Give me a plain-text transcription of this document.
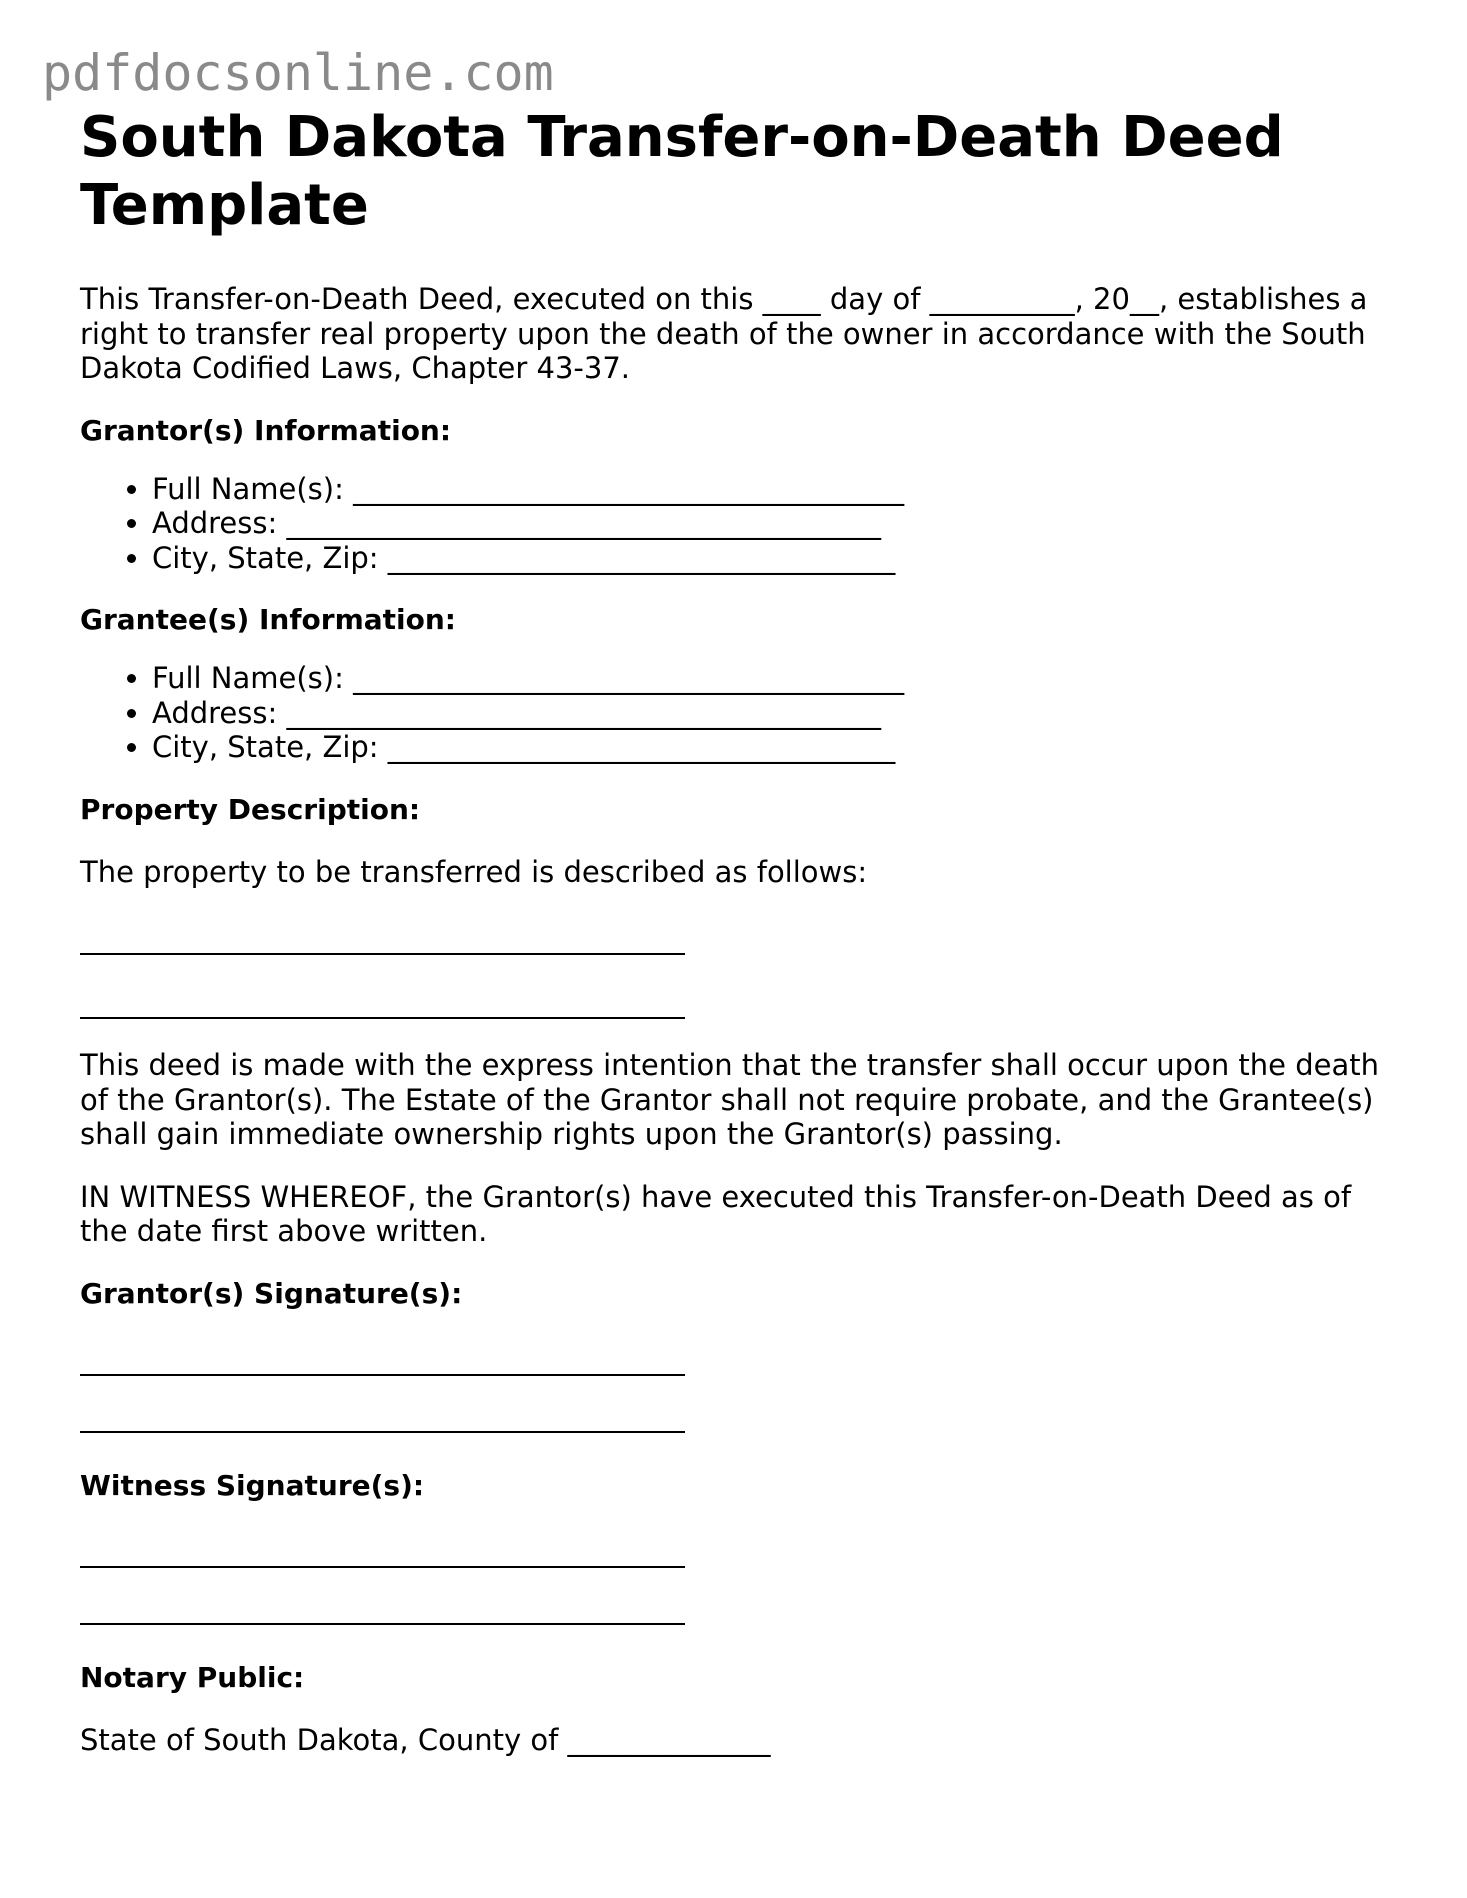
pdfdocsonline.com
South Dakota Transfer-on-Death Deed Template

This Transfer-on-Death Deed, executed on this ____ day of __________, 20__, establishes a right to transfer real property upon the death of the owner in accordance with the South Dakota Codified Laws, Chapter 43-37.

Grantor(s) Information:
• Full Name(s): ______________________________________
• Address: _________________________________________
• City, State, Zip: ___________________________________
Grantee(s) Information:
• Full Name(s): ______________________________________
• Address: _________________________________________
• City, State, Zip: ___________________________________
Property Description:

The property to be transferred is described as follows:

This deed is made with the express intention that the transfer shall occur upon the death of the Grantor(s). The Estate of the Grantor shall not require probate, and the Grantee(s) shall gain immediate ownership rights upon the Grantor(s) passing.

IN WITNESS WHEREOF, the Grantor(s) have executed this Transfer-on-Death Deed as of the date first above written.

Grantor(s) Signature(s):
Witness Signature(s):
Notary Public:

State of South Dakota, County of ______________
